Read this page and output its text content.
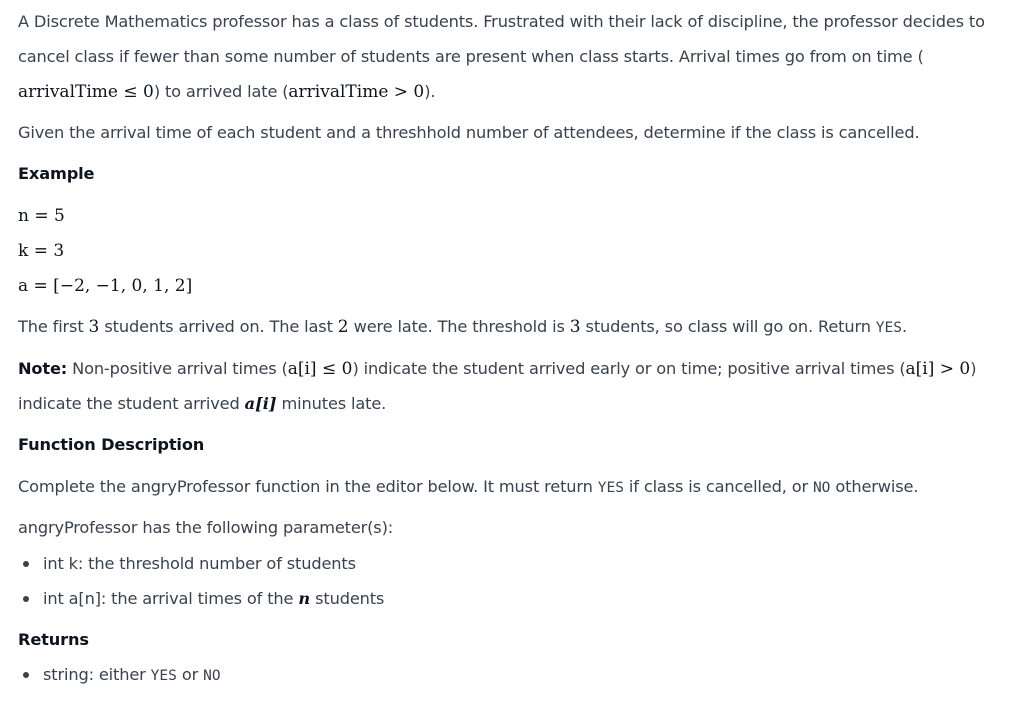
A Discrete Mathematics professor has a class of students. Frustrated with their lack of discipline, the professor decides to
cancel class if fewer than some number of students are present when class starts. Arrival times go from on time (
arrivalTime ≤ 0) to arrived late (arrivalTime > 0).
Given the arrival time of each student and a threshhold number of attendees, determine if the class is cancelled.
Example
n = 5
k = 3
a = [−2, −1, 0, 1, 2]
The first 3 students arrived on. The last 2 were late. The threshold is 3 students, so class will go on. Return YES.
Note: Non-positive arrival times (a[i] ≤ 0) indicate the student arrived early or on time; positive arrival times (a[i] > 0)
indicate the student arrived a[i] minutes late.
Function Description
Complete the angryProfessor function in the editor below. It must return YES if class is cancelled, or NO otherwise.
angryProfessor has the following parameter(s):
int k: the threshold number of students
int a[n]: the arrival times of the n students
Returns
string: either YES or NO
